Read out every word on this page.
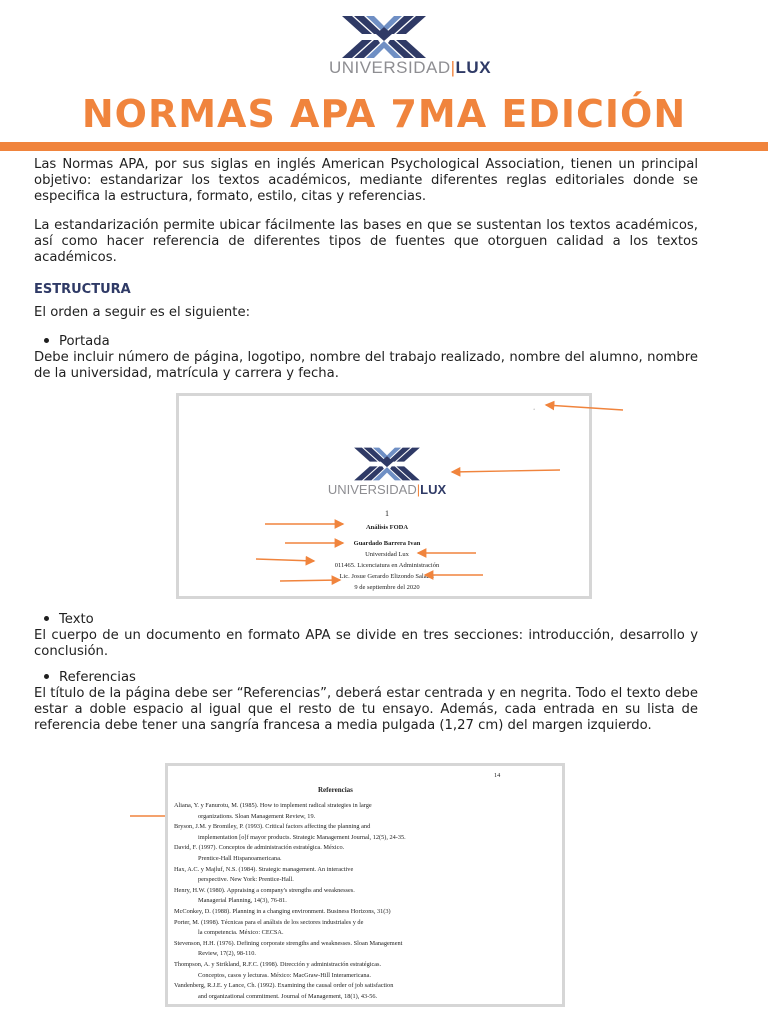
UNIVERSIDAD|LUX
NORMAS APA 7MA EDICIÓN
Las Normas APA, por sus siglas en inglés American Psychological Association, tienen un principal objetivo: estandarizar los textos académicos, mediante diferentes reglas editoriales donde se especifica la estructura, formato, estilo, citas y referencias.
La estandarización permite ubicar fácilmente las bases en que se sustentan los textos académicos, así como hacer referencia de diferentes tipos de fuentes que otorguen calidad a los textos académicos.
ESTRUCTURA
El orden a seguir es el siguiente:
Portada
Debe incluir número de página, logotipo, nombre del trabajo realizado, nombre del alumno, nombre de la universidad, matrícula y carrera y fecha.
·
UNIVERSIDAD|LUX
1
Análisis FODA
Guardado Barrera Ivan
Universidad Lux
011465. Licenciatura en Administración
Lic. Josue Gerardo Elizondo Salazar
9 de septiembre del 2020
Texto
El cuerpo de un documento en formato APA se divide en tres secciones: introducción, desarrollo y conclusión.
Referencias
El título de la página debe ser “Referencias”, deberá estar centrada y en negrita. Todo el texto debe estar a doble espacio al igual que el resto de tu ensayo. Además, cada entrada en su lista de referencia debe tener una sangría francesa a media pulgada (1,27 cm) del margen izquierdo.
14
Referencias
Aliana, Y. y Fanurotu, M. (1985). How to implement radical strategies in large
organizations. Sloan Management Review, 19.
Bryson, J.M. y Bromiley, P. (1993). Critical factors affecting the planning and
implementation [o]f mayor products. Strategic Management Journal, 12(5), 24-35.
David, F. (1997). Conceptos de administración estratégica. México.
Prentice-Hall Hispanoamericana.
Hax, A.C. y Majluf, N.S. (1984). Strategic management. An interactive
perspective. New York: Prentice-Hall.
Henry, H.W. (1980). Appraising a company's strengths and weaknesses.
Managerial Planning, 14(3), 76-81.
McConkey, D. (1988). Planning in a changing environment. Business Horizons, 31(3)
Porter, M. (1998). Técnicas para el análisis de los sectores industriales y de
la competencia. México: CECSA.
Stevenson, H.H. (1976). Defining corporate strengths and weaknesses. Sloan Management
Review, 17(2), 98-110.
Thompson, A. y Strikland, R.F.C. (1998). Dirección y administración estratégicas.
Conceptos, casos y lecturas. México: MacGraw-Hill Interamericana.
Vandenberg, R.J.E. y Lance, Ch. (1992). Examining the causal order of job satisfaction
and organizational commitment. Journal of Management, 18(1), 43-56.
